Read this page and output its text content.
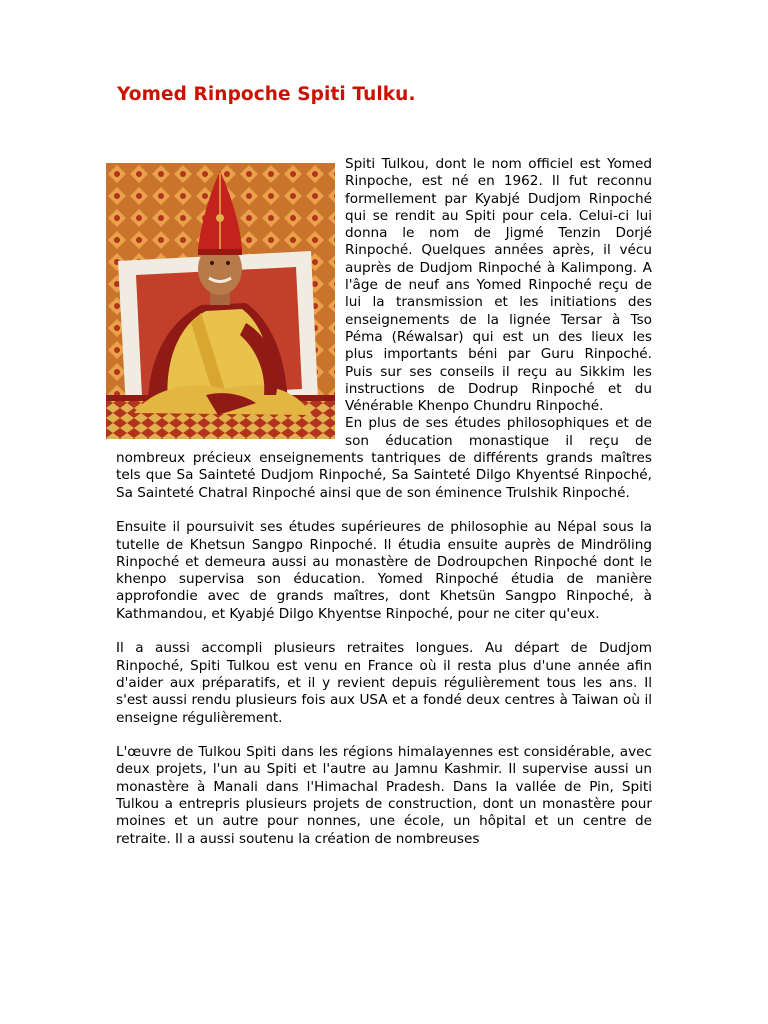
Yomed Rinpoche Spiti Tulku.

Spiti Tulkou, dont le nom officiel est Yomed Rinpoche, est né en 1962. Il fut reconnu formellement par Kyabjé Dudjom Rinpoché qui se rendit au Spiti pour cela. Celui-ci lui donna le nom de Jigmé Tenzin Dorjé Rinpoché. Quelques années après, il vécu auprès de Dudjom Rinpoché à Kalimpong. A l'âge de neuf ans Yomed Rinpoché reçu de lui la transmission et les initiations des enseignements de la lignée Tersar à Tso Péma (Réwalsar) qui est un des lieux les plus importants béni par Guru Rinpoché. Puis sur ses conseils il reçu au Sikkim les instructions de Dodrup Rinpoché et du Vénérable Khenpo Chundru Rinpoché.

En plus de ses études philosophiques et de son éducation monastique il reçu de nombreux précieux enseignements tantriques de différents grands maîtres tels que Sa Sainteté Dudjom Rinpoché, Sa Sainteté Dilgo Khyentsé Rinpoché, Sa Sainteté Chatral Rinpoché ainsi que de son éminence Trulshik Rinpoché.

Ensuite il poursuivit ses études supérieures de philosophie au Népal sous la tutelle de Khetsun Sangpo Rinpoché. Il étudia ensuite auprès de Mindröling Rinpoché et demeura aussi au monastère de Dodroupchen Rinpoché dont le khenpo supervisa son éducation. Yomed Rinpoché étudia de manière approfondie avec de grands maîtres, dont Khetsün Sangpo Rinpoché, à Kathmandou, et Kyabjé Dilgo Khyentse Rinpoché, pour ne citer qu'eux.

Il a aussi accompli plusieurs retraites longues. Au départ de Dudjom Rinpoché, Spiti Tulkou est venu en France où il resta plus d'une année afin d'aider aux préparatifs, et il y revient depuis régulièrement tous les ans. Il s'est aussi rendu plusieurs fois aux USA et a fondé deux centres à Taiwan où il enseigne régulièrement.

L'œuvre de Tulkou Spiti dans les régions himalayennes est considérable, avec deux projets, l'un au Spiti et l'autre au Jamnu Kashmir. Il supervise aussi un monastère à Manali dans l'Himachal Pradesh. Dans la vallée de Pin, Spiti Tulkou a entrepris plusieurs projets de construction, dont un monastère pour moines et un autre pour nonnes, une école, un hôpital et un centre de retraite. Il a aussi soutenu la création de nombreuses
